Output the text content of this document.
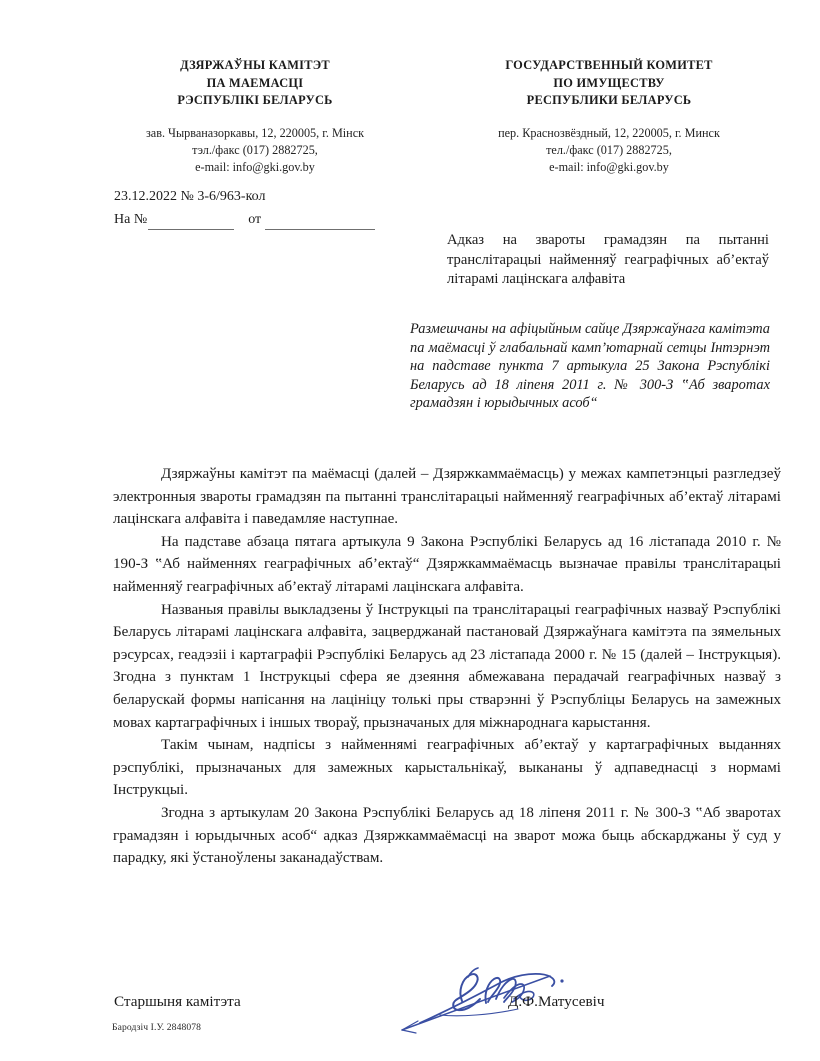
ДЗЯРЖАЎНЫ КАМІТЭТ
ПА МАЕМАСЦІ
РЭСПУБЛІКІ БЕЛАРУСЬ
зав. Чырваназоркавы, 12, 220005, г. Мінск
тэл./факс (017) 2882725,
e-mail: info@gki.gov.by
ГОСУДАРСТВЕННЫЙ КОМИТЕТ
ПО ИМУЩЕСТВУ
РЕСПУБЛИКИ БЕЛАРУСЬ
пер. Краснозвёздный, 12, 220005, г. Минск
тел./факс (017) 2882725,
e-mail: info@gki.gov.by
23.12.2022 № 3-6/963-кол
На №	от
Адказ на звароты грамадзян па пытанні транслітарацыі найменняў геаграфічных аб’ектаў літарамі лацінскага алфавіта
Размешчаны на афіцыйным сайце Дзяржаўнага камітэта па маёмасці ў глабальнай камп’ютарнай сетцы Інтэрнэт на падставе пункта 7 артыкула 25 Закона Рэспублікі Беларусь ад 18 ліпеня 2011 г. № 300-З ‟Аб зваротах грамадзян і юрыдычных асоб“

Дзяржаўны камітэт па маёмасці (далей – Дзяржкаммаёмасць) у межах кампетэнцыі разгледзеў электронныя звароты грамадзян па пытанні транслітарацыі найменняў геаграфічных аб’ектаў літарамі лацінскага алфавіта і паведамляе наступнае.

На падставе абзаца пятага артыкула 9 Закона Рэспублікі Беларусь ад 16 лістапада 2010 г. № 190-З ‟Аб найменнях геаграфічных аб’ектаў“ Дзяржкаммаёмасць вызначае правілы транслітарацыі найменняў геаграфічных аб’ектаў літарамі лацінскага алфавіта.

Названыя правілы выкладзены ў Інструкцыі па транслітарацыі геаграфічных назваў Рэспублікі Беларусь літарамі лацінскага алфавіта, зацверджанай пастановай Дзяржаўнага камітэта па зямельных рэсурсах, геадэзіі і картаграфіі Рэспублікі Беларусь ад 23 лістапада 2000 г. № 15 (далей – Інструкцыя). Згодна з пунктам 1 Інструкцыі сфера яе дзеяння абмежавана перадачай геаграфічных назваў з беларускай формы напісання на лацініцу толькі пры стварэнні ў Рэспубліцы Беларусь на замежных мовах картаграфічных і іншых твораў, прызначаных для міжнароднага карыстання.

Такім чынам, надпісы з найменнямі геаграфічных аб’ектаў у картаграфічных выданнях рэспублікі, прызначаных для замежных карыстальнікаў, выкананы ў адпаведнасці з нормамі Інструкцыі.

Згодна з артыкулам 20 Закона Рэспублікі Беларусь ад 18 ліпеня 2011 г. № 300-З ‟Аб зваротах грамадзян і юрыдычных асоб“ адказ Дзяржкаммаёмасці на зварот можа быць абскарджаны ў суд у парадку, які ўстаноўлены заканадаўствам.

Старшыня камітэта	Д.Ф.Матусевіч
Бародзіч І.У. 2848078
